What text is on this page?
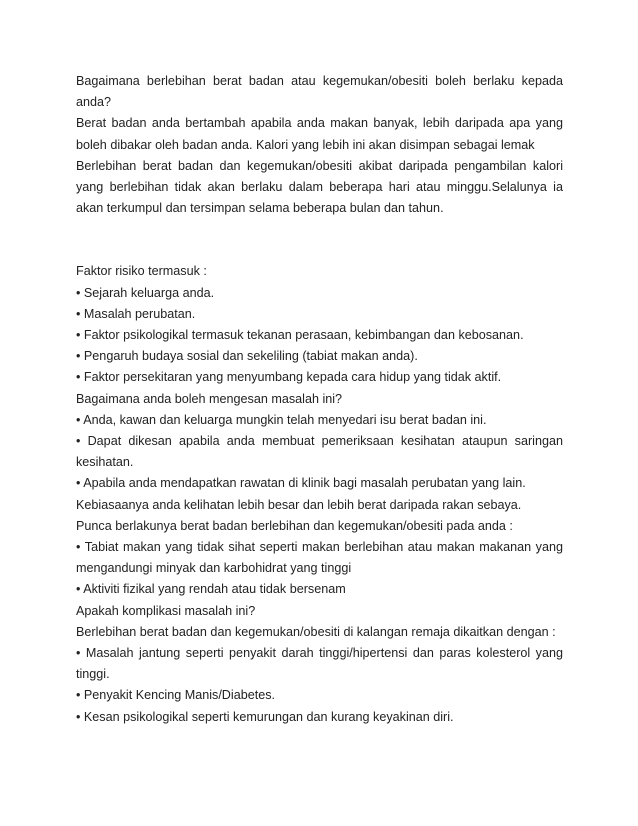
Bagaimana berlebihan berat badan atau kegemukan/obesiti boleh berlaku kepada anda?

Berat badan anda bertambah apabila anda makan banyak, lebih daripada apa yang boleh dibakar oleh badan anda. Kalori yang lebih ini akan disimpan sebagai lemak

Berlebihan berat badan dan kegemukan/obesiti akibat daripada pengambilan kalori yang berlebihan tidak akan berlaku dalam beberapa hari atau minggu.Selalunya ia akan terkumpul dan tersimpan selama beberapa bulan dan tahun.

Faktor risiko termasuk :

• Sejarah keluarga anda.

• Masalah perubatan.

• Faktor psikologikal termasuk tekanan perasaan, kebimbangan dan kebosanan.

• Pengaruh budaya sosial dan sekeliling (tabiat makan anda).

• Faktor persekitaran yang menyumbang kepada cara hidup yang tidak aktif.

Bagaimana anda boleh mengesan masalah ini?

• Anda, kawan dan keluarga mungkin telah menyedari isu berat badan ini.

• Dapat dikesan apabila anda membuat pemeriksaan kesihatan ataupun saringan kesihatan.

• Apabila anda mendapatkan rawatan di klinik bagi masalah perubatan yang lain.

Kebiasaanya anda kelihatan lebih besar dan lebih berat daripada rakan sebaya.

Punca berlakunya berat badan berlebihan dan kegemukan/obesiti pada anda :

• Tabiat makan yang tidak sihat seperti makan berlebihan atau makan makanan yang mengandungi minyak dan karbohidrat yang tinggi

• Aktiviti fizikal yang rendah atau tidak bersenam

Apakah komplikasi masalah ini?

Berlebihan berat badan dan kegemukan/obesiti di kalangan remaja dikaitkan dengan :

• Masalah jantung seperti penyakit darah tinggi/hipertensi dan paras kolesterol yang tinggi.

• Penyakit Kencing Manis/Diabetes.

• Kesan psikologikal seperti kemurungan dan kurang keyakinan diri.
